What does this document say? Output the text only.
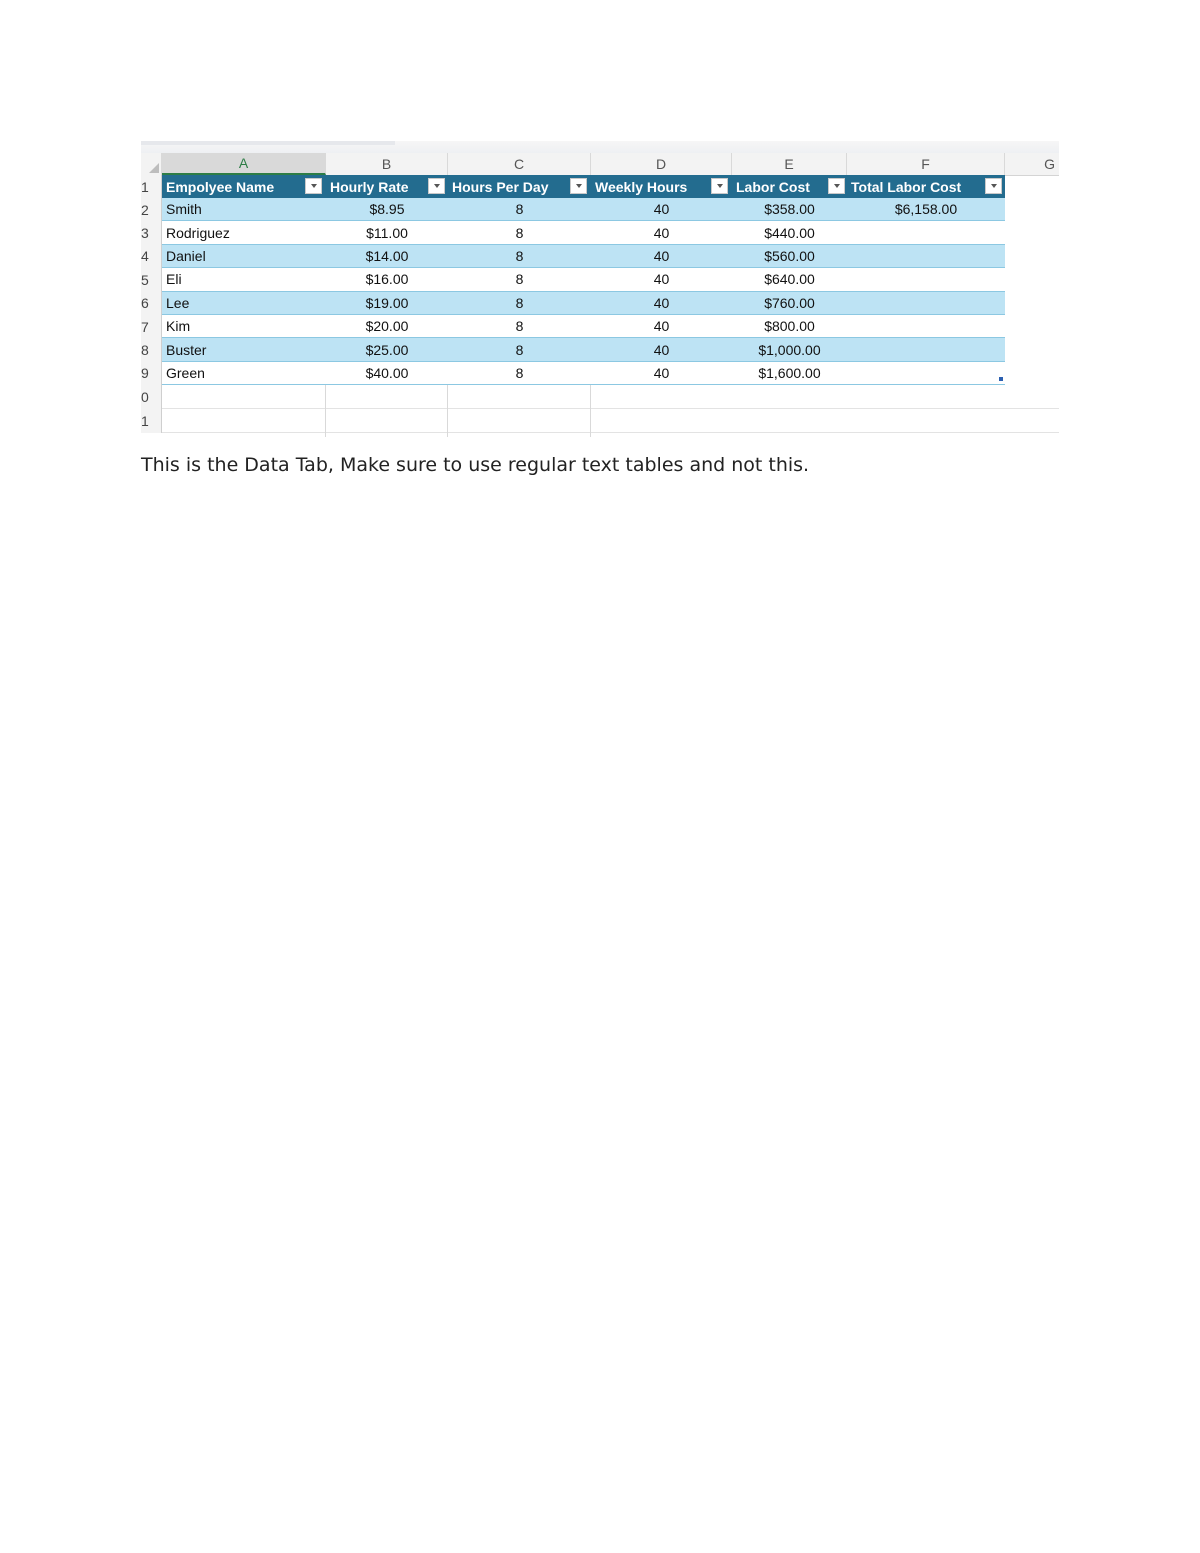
A	B	C	D	E	F	G
1	Empolyee Name	Hourly Rate	Hours Per Day	Weekly Hours	Labor Cost	Total Labor Cost
2	Smith	$8.95	8	40	$358.00	$6,158.00
3	Rodriguez	$11.00	8	40	$440.00
4	Daniel	$14.00	8	40	$560.00
5	Eli	$16.00	8	40	$640.00
6	Lee	$19.00	8	40	$760.00
7	Kim	$20.00	8	40	$800.00
8	Buster	$25.00	8	40	$1,000.00
9	Green	$40.00	8	40	$1,600.00
0
1
This is the Data Tab, Make sure to use regular text tables and not this.
